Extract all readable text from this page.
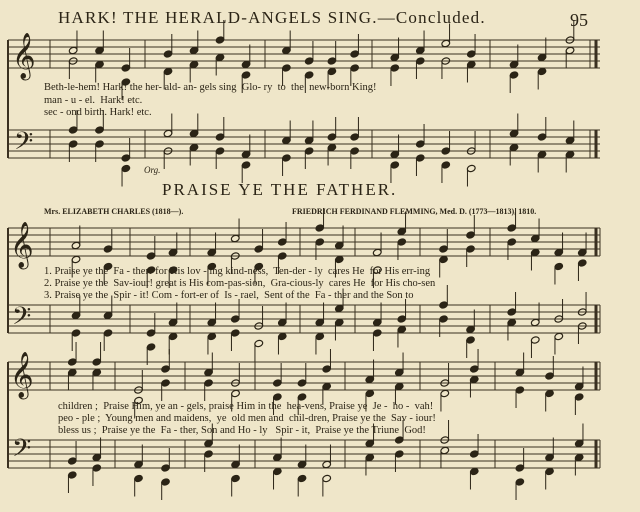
HARK! THE HERALD-ANGELS SING.—Concluded.	95
𝄞
𝄢
𝄞
𝄢
𝄞
𝄢
Beth-le-hem! Hark! the her- ald- an- gels sing  Glo- ry  to  the  new-born King!
man - u - el.  Hark! etc.
sec - ond birth. Hark! etc.
Org.
PRAISE YE THE FATHER.
Mrs. ELIZABETH CHARLES (1818—).	FRIEDRICH FERDINAND FLEMMING, Med. D. (1773—1813), 1810.
1. Praise ye the  Fa - ther! for His lov - ing kind-ness,  Ten-der - ly  cares He  for His err-ing
2. Praise ye the  Sav-iour! great is His com-pas-sion,  Gra-cious-ly  cares He  for His cho-sen
3. Praise ye the  Spir - it! Com - fort-er of  Is - rael,  Sent of the  Fa - ther and the Son to
children ;  Praise Him, ye an - gels, praise Him in the  hea-vens, Praise ye  Je -  ho -  vah!
peo - ple ;  Young men and maidens,  ye  old men and  chil-dren, Praise ye the  Sav - iour!
bless us ;  Praise ye the  Fa - ther, Son and Ho - ly   Spir - it,  Praise ye the Triune  God!
